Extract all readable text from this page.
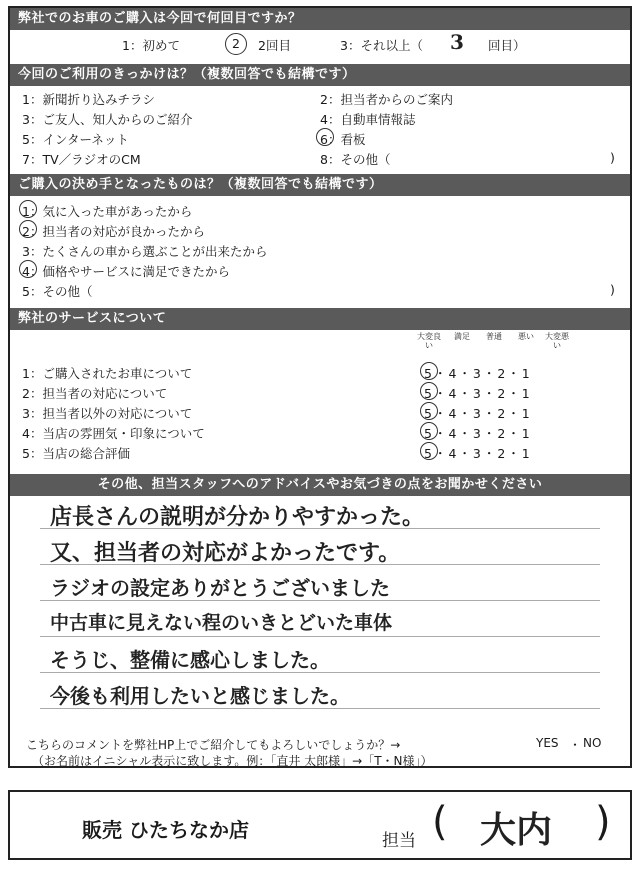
弊社でのお車のご購入は今回で何回目ですか？
1：初めて	2 2回目	3：それ以上（ 3 回目）
今回のご利用のきっかけは？（複数回答でも結構です）
1：新聞折り込みチラシ	2：担当者からのご案内
3：ご友人、知人からのご紹介	4：自動車情報誌
5：インターネット	6：看板
7：TV／ラジオのCM	8：その他（	)
ご購入の決め手となったものは？（複数回答でも結構です）
1：気に入った車があったから
2：担当者の対応が良かったから
3：たくさんの車から選ぶことが出来たから
4：価格やサービスに満足できたから
5：その他（	)
弊社のサービスについて
大変良い
満足	普通	悪い	大変悪い
1：ご購入されたお車について	5・4・3・2・1
2：担当者の対応について	5・4・3・2・1
3：担当者以外の対応について	5・4・3・2・1
4：当店の雰囲気・印象について	5・4・3・2・1
5：当店の総合評価	5・4・3・2・1
その他、担当スタッフへのアドバイスやお気づきの点をお聞かせください
店長さんの説明が分かりやすかった。
又、担当者の対応がよかったです。
ラジオの設定ありがとうございました
中古車に見えない程のいきとどいた車体
そうじ、整備に感心しました。
今後も利用したいと感じました。
こちらのコメントを弊社HP上でご紹介してもよろしいでしょうか？→	YES ・ NO
（お名前はイニシャル表示に致します。例：「直井 太郎様」→「T・N様」）
販売 ひたちなか店	担当 ( 大内 )
